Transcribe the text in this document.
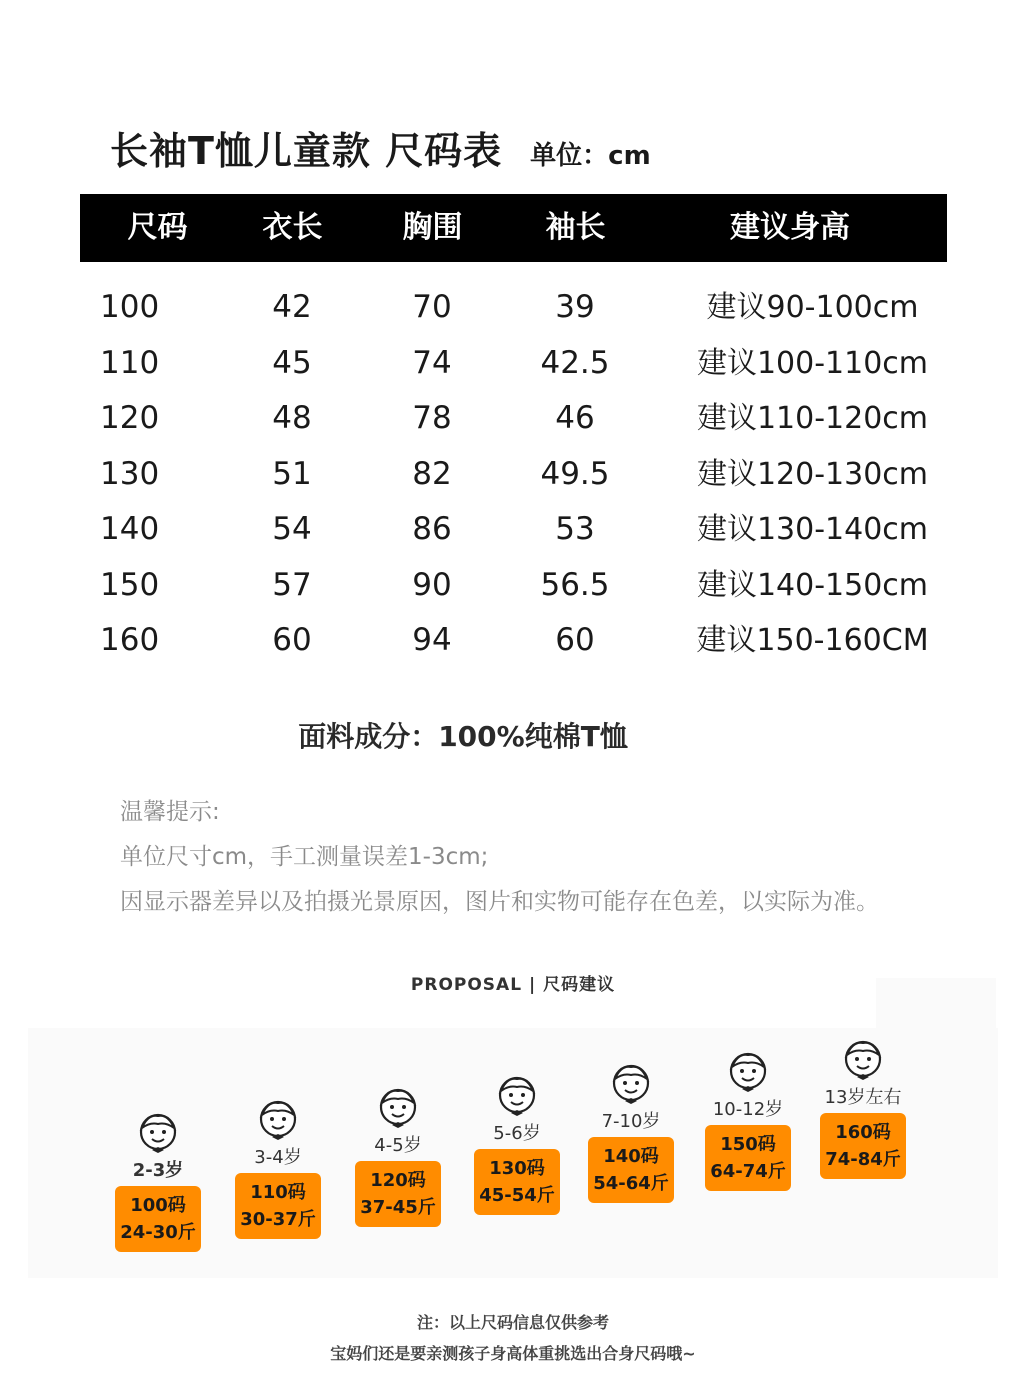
长袖T恤儿童款 尺码表 单位：cm
尺码	衣长	胸围	袖长	建议身高
100	42	70	39	建议90-100cm
110	45	74	42.5	建议100-110cm
120	48	78	46	建议110-120cm
130	51	82	49.5	建议120-130cm
140	54	86	53	建议130-140cm
150	57	90	56.5	建议140-150cm
160	60	94	60	建议150-160CM
面料成分：100%纯棉T恤
温馨提示:
单位尺寸cm，手工测量误差1-3cm;
因显示器差异以及拍摄光景原因，图片和实物可能存在色差，以实际为准。
PROPOSAL | 尺码建议
2-3岁
100码
24-30斤
3-4岁
110码
30-37斤
4-5岁
120码
37-45斤
5-6岁
130码
45-54斤
7-10岁
140码
54-64斤
10-12岁
150码
64-74斤
13岁左右
160码
74-84斤
注：以上尺码信息仅供参考
宝妈们还是要亲测孩子身高体重挑选出合身尺码哦~
